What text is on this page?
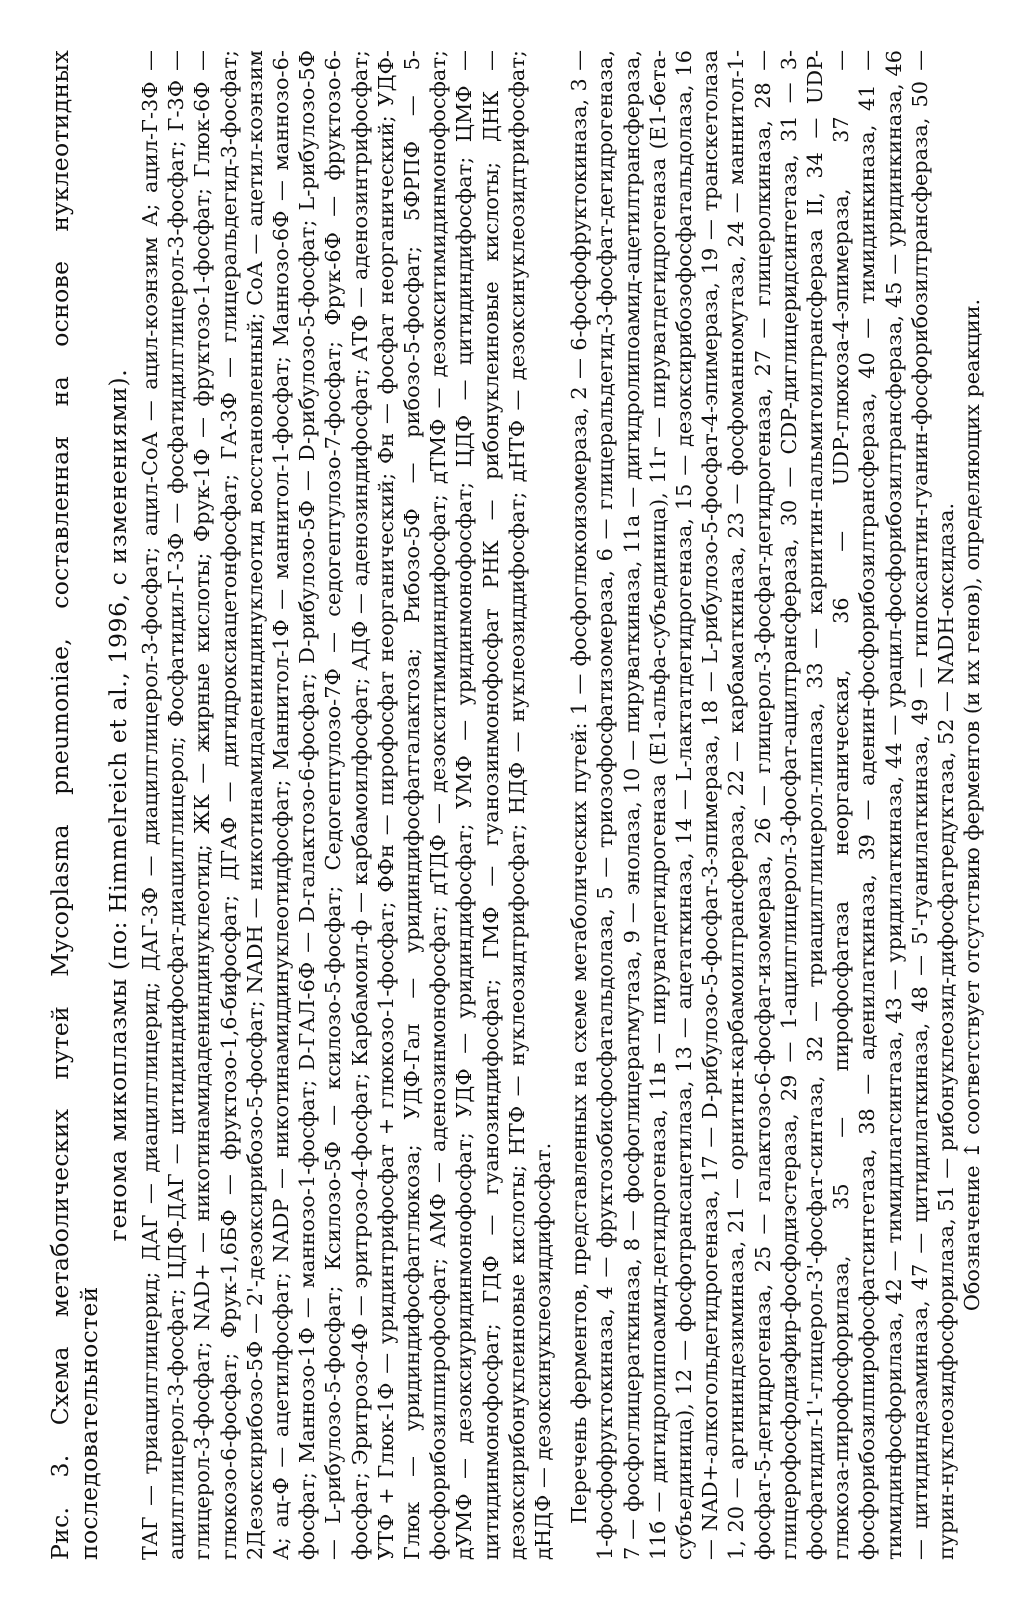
Рис. 3. Схема метаболических путей Mycoplasma pneumoniae, составленная на основе нуклеотидных последовательностей
генома микоплазмы (по: Himmelreich et al., 1996, с изменениями). ТАГ — триацилглицерид; ДАГ — диацилглицерид; ДАГ-3Ф — диацилглицерол-3-фосфат; ацил-СоА — ацил-коэнзим А; ацил-Г-3Ф — ацилглицерол-3-фосфат; ЦДФ-ДАГ — цитидиндифосфат-диацилглицерол; Фосфатидил-Г-3Ф — фосфатидилглицерол-3-фосфат; Г-3Ф — глицерол-3-фосфат; NAD+ — никотинамидадениндинуклеотид; ЖК — жирные кислоты; Фрук-1Ф — фруктозо-1-фосфат; Глюк-6Ф — глюкозо-6-фосфат; Фрук-1,6БФ — фруктозо-1,6-бифосфат; ДГАФ — дигидроксиацетонфосфат; ГА-3Ф — глицеральдегид-3-фосфат; 2Дезоксирибозо-5Ф — 2'-дезоксирибозо-5-фосфат; NADH — никотинамидадениндинуклеотид восстановленный; СоА — ацетил-коэнзим А; ац-Ф — ацетилфосфат; NADP — никотинамиддинуклеотидфосфат; Маннитол-1Ф — маннитол-1-фосфат; Маннозо-6Ф — маннозо-6-фосфат; Маннозо-1Ф — маннозо-1-фосфат; D-ГАЛ-6Ф — D-галактозо-6-фосфат; D-рибулозо-5Ф — D-рибулозо-5-фосфат; L-рибулозо-5Ф — L-рибулозо-5-фосфат; Ксилозо-5Ф — ксилозо-5-фосфат; Седогептулозо-7Ф — седогептулозо-7-фосфат; Фрук-6Ф — фруктозо-6-фосфат; Эритрозо-4Ф — эритрозо-4-фосфат; Карбамоил-ф — карбамоилфосфат; АДФ — аденозиндифосфат; АТФ — аденозинтрифосфат; УТФ + Глюк-1Ф — уридинтрифосфат + глюкозо-1-фосфат; ФФн — пирофосфат неорганический; Фн — фосфат неорганический; УДФ-Глюк — уридиндифосфатглюкоза; УДФ-Гал — уридиндифосфатгалактоза; Рибозо-5Ф — рибозо-5-фосфат; 5ФРПФ — 5-фосфорибозилпирофосфат; АМФ — аденозинмонофосфат; дТДФ — дезокситимидиндифосфат; дТМФ — дезокситимидинмонофосфат; дУМФ — дезоксиуридинмонофосфат; УДФ — уридиндифосфат; УМФ — уридинмонофосфат; ЦДФ — цитидиндифосфат; ЦМФ — цитидинмонофосфат; ГДФ — гуанозиндифосфат; ГМФ — гуанозинмонофосфат РНК — рибонуклеиновые кислоты; ДНК — дезоксирибонуклеиновые кислоты; НТФ — нуклеозидтрифосфат; НДФ — нуклеозиддифосфат; дНТФ — дезоксинуклеозидтрифосфат; дНДФ — дезоксинуклеозиддифосфат. Перечень ферментов, представленных на схеме метаболических путей: 1 — фосфоглюкоизомераза, 2 — 6-фосфофруктокиназа, 3 — 1-фосфофруктокиназа, 4 — фруктозобисфосфатальдолаза, 5 — триозофосфатизомераза, 6 — глицеральдегид-3-фосфат-дегидрогеназа, 7 — фосфоглицераткиназа, 8 — фосфоглицератмутаза, 9 — энолаза, 10 — пируваткиназа, 11а — дигидролипоамид-ацетилтрансфераза, 11б — дигидролипоамид-дегидрогеназа, 11в — пируватдегидрогеназа (Е1-альфа-субъединица), 11г — пируватдегидрогеназа (Е1-бета-субъединица), 12 — фосфотрансацетилаза, 13 — ацетаткиназа, 14 — L-лактатдегидрогеназа, 15 — дезоксирибозофосфатальдолаза, 16 — NAD+-алкогольдегидрогеназа, 17 — D-рибулозо-5-фосфат-3-эпимераза, 18 — L-рибулозо-5-фосфат-4-эпимераза, 19 — транскетолаза 1, 20 — аргининдезиминаза, 21 — орнитин-карбамоилтрансфераза, 22 — карбаматкиназа, 23 — фосфоманномутаза, 24 — маннитол-1-фосфат-5-дегидрогеназа, 25 — галактозо-6-фосфат-изомераза, 26 — глицерол-3-фосфат-дегидрогеназа, 27 — глицеролкиназа, 28 — глицерофосфодиэфир-фосфодиэстераза, 29 — 1-ацилглицерол-3-фосфат-ацилтрансфераза, 30 — CDP-диглицеридсинтетаза, 31 — 3-фосфатидил-1'-глицерол-3'-фосфат-синтаза, 32 — триацилглицерол-липаза, 33 — карнитин-пальмитоилтрансфераза II, 34 — UDP-глюкоза-пирофосфорилаза, 35 — пирофосфатаза неорганическая, 36 — UDP-глюкоза-4-эпимераза, 37 — фосфорибозилпирофосфатсинтетаза, 38 — аденилаткиназа, 39 — аденин-фосфорибозилтрансфераза, 40 — тимидинкиназа, 41 — тимидинфосфорилаза, 42 — тимидилатсинтаза, 43 — уридилаткиназа, 44 — урацил-фосфорибозилтрансфераза, 45 — уридинкиназа, 46 — цитидиндезаминаза, 47 — цитидилаткиназа, 48 — 5'-гуанилаткиназа, 49 — гипоксантин-гуанин-фосфорибозилтрансфераза, 50 — пурин-нуклеозидфосфорилаза, 51 — рибонуклеозид-дифосфатредуктаза, 52 — NADH-оксидаза. Обозначение ↥ соответствует отсутствию ферментов (и их генов), определяющих реакции.
